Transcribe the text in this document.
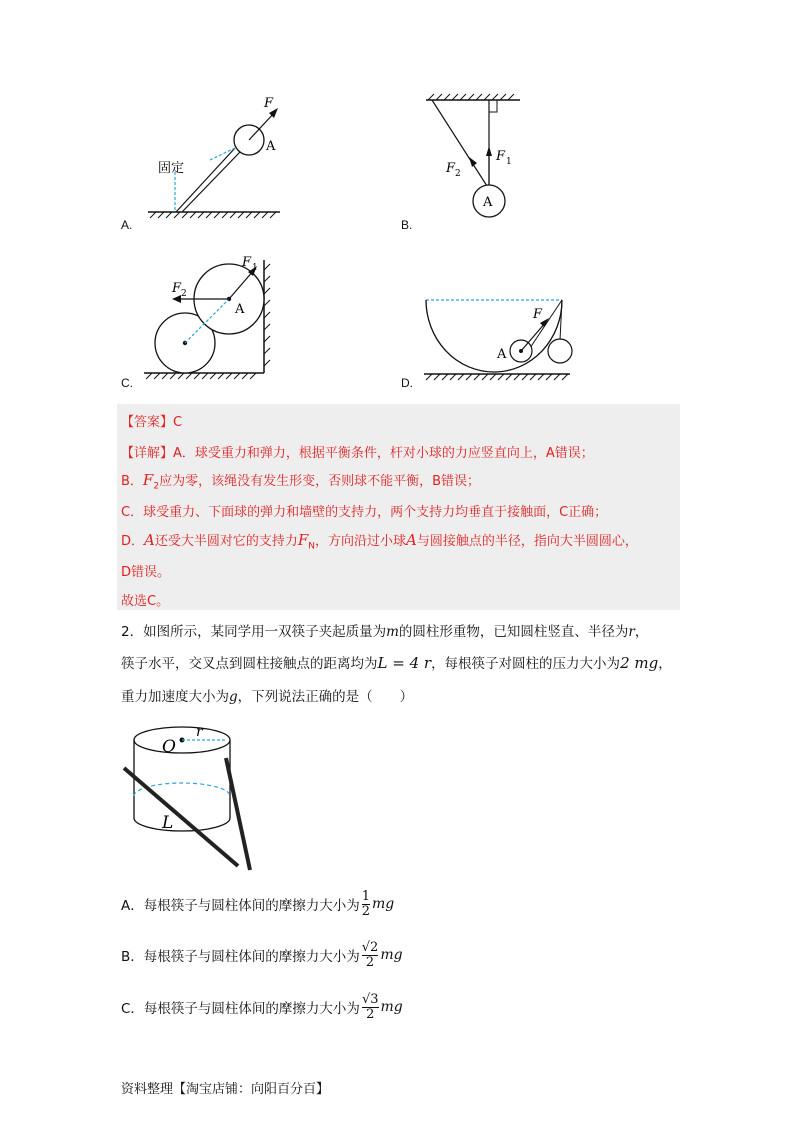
F
A
固定
A.
A
F 1
F 2
B.
A
F 1
F 2
C.
F
A
D.
【答案】C
【详解】A．球受重力和弹力，根据平衡条件，杆对小球的力应竖直向上，A错误；
B．$F_2$应为零，该绳没有发生形变，否则球不能平衡，B错误；
C．球受重力、下面球的弹力和墙壁的支持力，两个支持力均垂直于接触面，C正确；
D．A还受大半圆对它的支持力$F_N$，方向沿过小球A与圆接触点的半径，指向大半圆圆心，
D错误。
故选C。
2．如图所示，某同学用一双筷子夹起质量为m的圆柱形重物，已知圆柱竖直、半径为r，
筷子水平，交叉点到圆柱接触点的距离均为L = 4 r，每根筷子对圆柱的压力大小为2 mg，
重力加速度大小为g，下列说法正确的是（　　）
O
r
L
A．每根筷子与圆柱体间的摩擦力大小为 $\frac{1}{2}$ mg
B．每根筷子与圆柱体间的摩擦力大小为 $\frac{√2}{2}$ mg
C．每根筷子与圆柱体间的摩擦力大小为 $\frac{√3}{2}$ mg
资料整理【淘宝店铺：向阳百分百】
